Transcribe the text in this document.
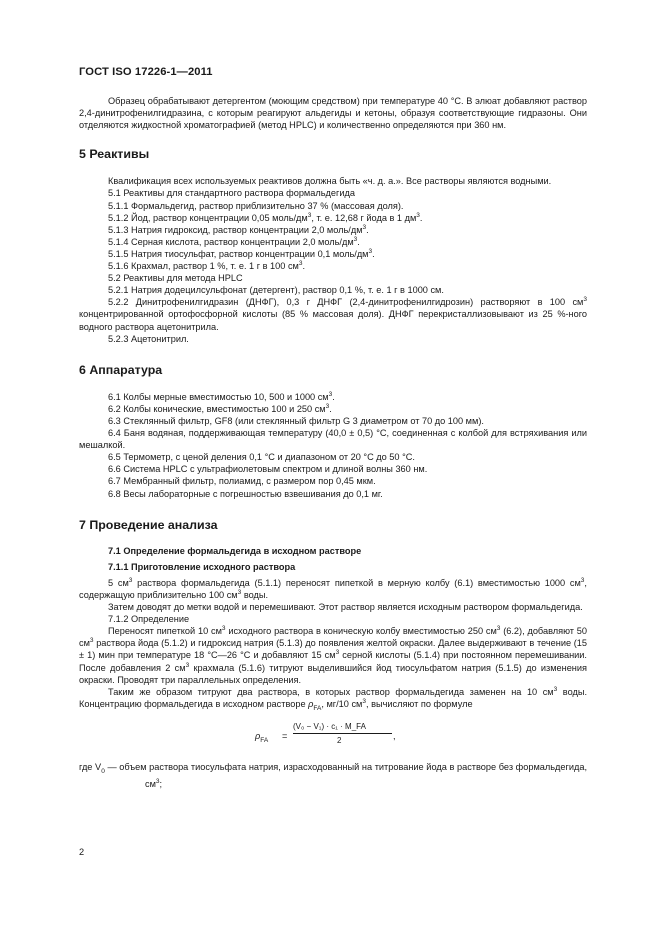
ГОСТ ISO 17226-1—2011

Образец обрабатывают детергентом (моющим средством) при температуре 40 °С. В элюат добавляют раствор 2,4-динитрофенилгидразина, с которым реагируют альдегиды и кетоны, образуя соответствующие гидразоны. Они отделяются жидкостной хроматографией (метод HPLC) и количественно определяются при 360 нм.

5 Реактивы

Квалификация всех используемых реактивов должна быть «ч. д. а.». Все растворы являются водными.

5.1 Реактивы для стандартного раствора формальдегида

5.1.1 Формальдегид, раствор приблизительно 37 % (массовая доля).

5.1.2 Йод, раствор концентрации 0,05 моль/$дм^3$, т. е. 12,68 г йода в 1 $дм^3$.

5.1.3 Натрия гидроксид, раствор концентрации 2,0 моль/$дм^3$.

5.1.4 Серная кислота, раствор концентрации 2,0 моль/$дм^3$.

5.1.5 Натрия тиосульфат, раствор концентрации 0,1 моль/$дм^3$.

5.1.6 Крахмал, раствор 1 %, т. е. 1 г в 100 $см^3$.

5.2 Реактивы для метода HPLC

5.2.1 Натрия додецилсульфонат (детергент), раствор 0,1 %, т. е. 1 г в 1000 см.

5.2.2 Динитрофенилгидразин (ДНФГ), 0,3 г ДНФГ (2,4-динитрофенилгидрозин) растворяют в 100 $см^3$ концентрированной ортофосфорной кислоты (85 % массовая доля). ДНФГ перекристаллизовывают из 25 %-ного водного раствора ацетонитрила.

5.2.3 Ацетонитрил.

6 Аппаратура

6.1 Колбы мерные вместимостью 10, 500 и 1000 $см^3$.

6.2 Колбы конические, вместимостью 100 и 250 $см^3$.

6.3 Стеклянный фильтр, GF8 (или стеклянный фильтр G 3 диаметром от 70 до 100 мм).

6.4 Баня водяная, поддерживающая температуру (40,0 ± 0,5) °С, соединенная с колбой для встряхивания или мешалкой.

6.5 Термометр, с ценой деления 0,1 °С и диапазоном от 20 °С до 50 °С.

6.6 Система HPLC с ультрафиолетовым спектром и длиной волны 360 нм.

6.7 Мембранный фильтр, полиамид, с размером пор 0,45 мкм.

6.8 Весы лабораторные с погрешностью взвешивания до 0,1 мг.

7 Проведение анализа

7.1 Определение формальдегида в исходном растворе

7.1.1 Приготовление исходного раствора

5 $см^3$ раствора формальдегида (5.1.1) переносят пипеткой в мерную колбу (6.1) вместимостью 1000 $см^3$, содержащую приблизительно 100 $см^3$ воды.

Затем доводят до метки водой и перемешивают. Этот раствор является исходным раствором формальдегида.

7.1.2 Определение

Переносят пипеткой 10 $см^3$ исходного раствора в коническую колбу вместимостью 250 $см^3$ (6.2), добавляют 50 $см^3$ раствора йода (5.1.2) и гидроксид натрия (5.1.3) до появления желтой окраски. Далее выдерживают в течение (15 ± 1) мин при температуре 18 °С—26 °С и добавляют 15 $см^3$ серной кислоты (5.1.4) при постоянном перемешивании. После добавления 2 $см^3$ крахмала (5.1.6) титруют выделившийся йод тиосульфатом натрия (5.1.5) до изменения окраски. Проводят три параллельных определения.

Таким же образом титруют два раствора, в которых раствор формальдегида заменен на 10 $см^3$ воды. Концентрацию формальдегида в исходном растворе $\rho_{FA}$, мг/10 $см^3$, вычисляют по формуле

$\rho_{FA}$ =
(V₀ − V₁) · c₁ · M_FA
2	,

где $V_0$ — объем раствора тиосульфата натрия, израсходованный на титрование йода в растворе без формальдегида, $см^3$;

2
